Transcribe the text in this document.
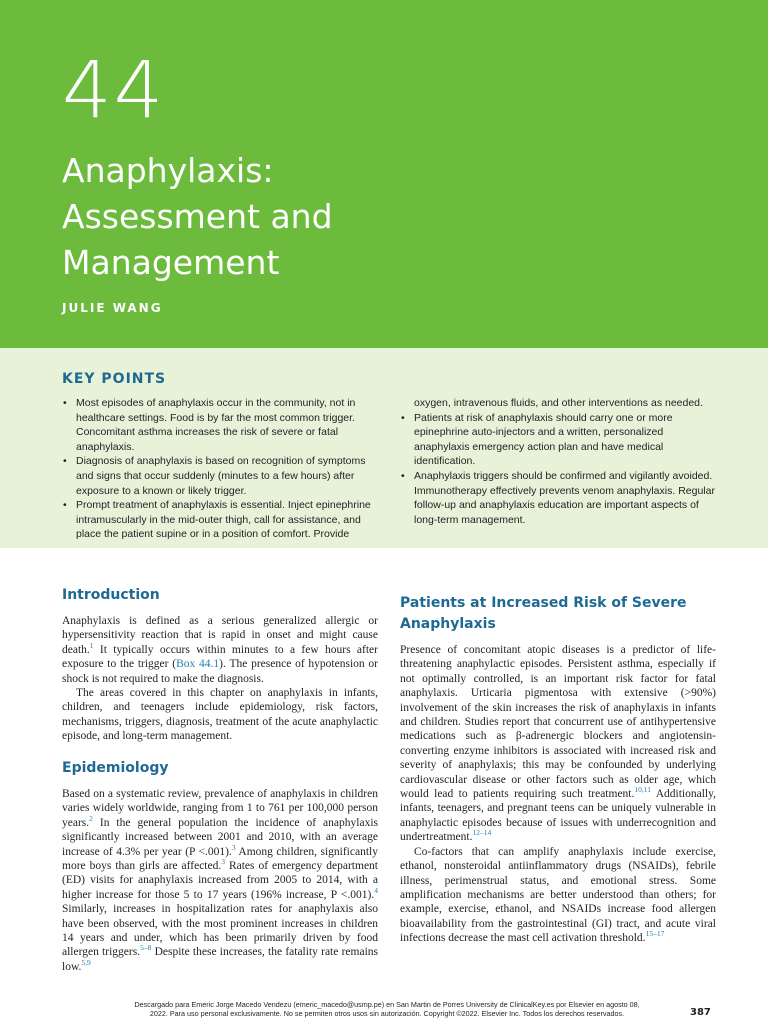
44
Anaphylaxis:
Assessment and
Management
JULIE WANG
KEY POINTS
• Most episodes of anaphylaxis occur in the community, not in healthcare settings. Food is by far the most common trigger. Concomitant asthma increases the risk of severe or fatal anaphylaxis.
• Diagnosis of anaphylaxis is based on recognition of symptoms and signs that occur suddenly (minutes to a few hours) after exposure to a known or likely trigger.
• Prompt treatment of anaphylaxis is essential. Inject epinephrine intramuscularly in the mid-outer thigh, call for assistance, and place the patient supine or in a position of comfort. Provide
oxygen, intravenous fluids, and other interventions as needed.
• Patients at risk of anaphylaxis should carry one or more epinephrine auto-injectors and a written, personalized anaphylaxis emergency action plan and have medical identification.
• Anaphylaxis triggers should be confirmed and vigilantly avoided. Immunotherapy effectively prevents venom anaphylaxis. Regular follow-up and anaphylaxis education are important aspects of long-term management.
Introduction

Anaphylaxis is defined as a serious generalized allergic or hypersensitivity reaction that is rapid in onset and might cause death.$^1$ It typically occurs within minutes to a few hours after exposure to the trigger (Box 44.1). The presence of hypotension or shock is not required to make the diagnosis.

The areas covered in this chapter on anaphylaxis in infants, children, and teenagers include epidemiology, risk factors, mechanisms, triggers, diagnosis, treatment of the acute anaphylactic episode, and long-term management.

Epidemiology

Based on a systematic review, prevalence of anaphylaxis in children varies widely worldwide, ranging from 1 to 761 per 100,000 person years.$^2$ In the general population the incidence of anaphylaxis significantly increased between 2001 and 2010, with an average increase of 4.3% per year (P <.001).$^3$ Among children, significantly more boys than girls are affected.$^3$ Rates of emergency department (ED) visits for anaphylaxis increased from 2005 to 2014, with a higher increase for those 5 to 17 years (196% increase, P <.001).$^4$ Similarly, increases in hospitalization rates for anaphylaxis also have been observed, with the most prominent increases in children 14 years and under, which has been primarily driven by food allergen triggers.$^{5-8}$ Despite these increases, the fatality rate remains low.$^{5,9}$

Patients at Increased Risk of Severe
Anaphylaxis

Presence of concomitant atopic diseases is a predictor of life-threatening anaphylactic episodes. Persistent asthma, especially if not optimally controlled, is an important risk factor for fatal anaphylaxis. Urticaria pigmentosa with extensive (>90%) involvement of the skin increases the risk of anaphylaxis in infants and children. Studies report that concurrent use of antihypertensive medications such as β-adrenergic blockers and angiotensin-converting enzyme inhibitors is associated with increased risk and severity of anaphylaxis; this may be confounded by underlying cardiovascular disease or other factors such as older age, which would lead to patients requiring such treatment.$^{10,11}$ Additionally, infants, teenagers, and pregnant teens can be uniquely vulnerable in anaphylactic episodes because of issues with underrecognition and undertreatment.$^{12-14}$

Co-factors that can amplify anaphylaxis include exercise, ethanol, nonsteroidal antiinflammatory drugs (NSAIDs), febrile illness, perimenstrual status, and emotional stress. Some amplification mechanisms are better understood than others; for example, exercise, ethanol, and NSAIDs increase food allergen bioavailability from the gastrointestinal (GI) tract, and acute viral infections decrease the mast cell activation threshold.$^{15-17}$

387
Descargado para Emeric Jorge Macedo Vendezu (emeric_macedo@usmp.pe) en San Martin de Porres University de ClinicalKey.es por Elsevier en agosto 08,
2022. Para uso personal exclusivamente. No se permiten otros usos sin autorización. Copyright ©2022. Elsevier Inc. Todos los derechos reservados.
